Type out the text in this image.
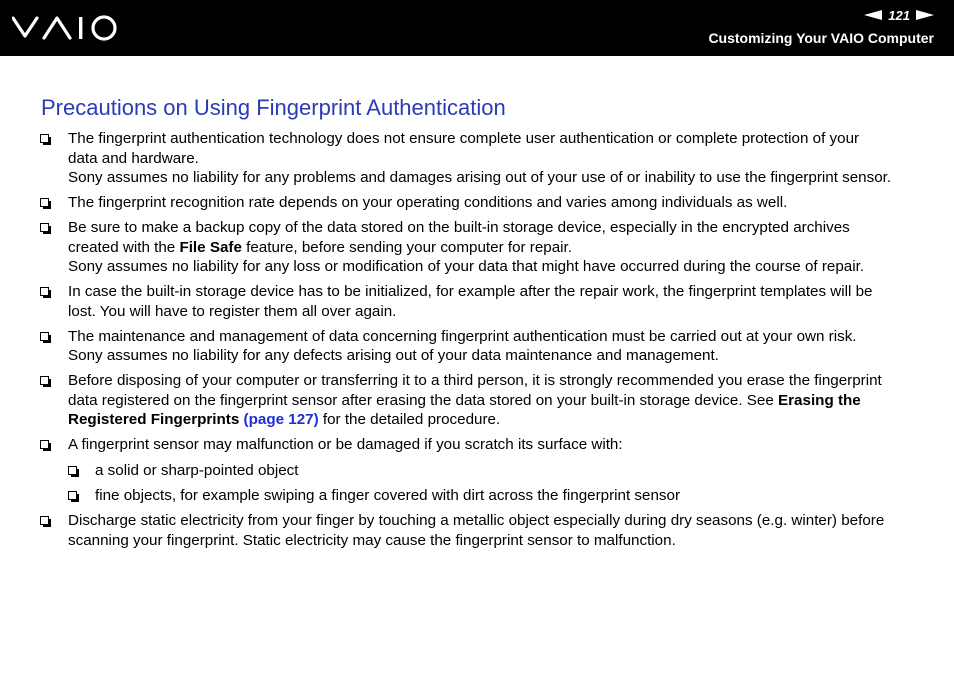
121
Customizing Your VAIO Computer
Precautions on Using Fingerprint Authentication
The fingerprint authentication technology does not ensure complete user authentication or complete protection of your
data and hardware.
Sony assumes no liability for any problems and damages arising out of your use of or inability to use the fingerprint sensor.
The fingerprint recognition rate depends on your operating conditions and varies among individuals as well.
Be sure to make a backup copy of the data stored on the built-in storage device, especially in the encrypted archives
created with the File Safe feature, before sending your computer for repair.
Sony assumes no liability for any loss or modification of your data that might have occurred during the course of repair.
In case the built-in storage device has to be initialized, for example after the repair work, the fingerprint templates will be
lost. You will have to register them all over again.
The maintenance and management of data concerning fingerprint authentication must be carried out at your own risk.
Sony assumes no liability for any defects arising out of your data maintenance and management.
Before disposing of your computer or transferring it to a third person, it is strongly recommended you erase the fingerprint
data registered on the fingerprint sensor after erasing the data stored on your built-in storage device. See Erasing the
Registered Fingerprints (page 127) for the detailed procedure.
A fingerprint sensor may malfunction or be damaged if you scratch its surface with:
a solid or sharp-pointed object
fine objects, for example swiping a finger covered with dirt across the fingerprint sensor
Discharge static electricity from your finger by touching a metallic object especially during dry seasons (e.g. winter) before
scanning your fingerprint. Static electricity may cause the fingerprint sensor to malfunction.
